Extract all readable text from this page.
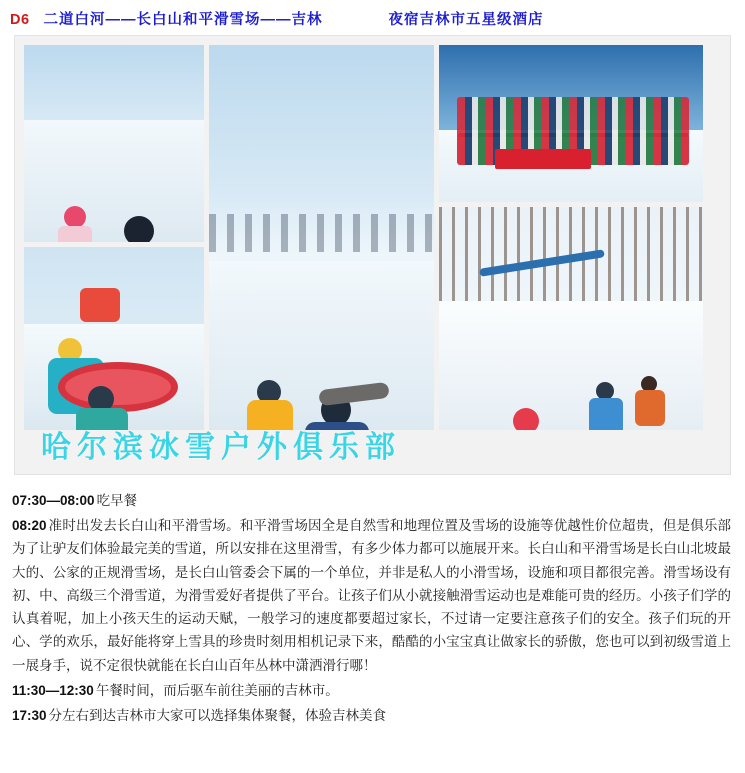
D6 二道白河——长白山和平滑雪场——吉林	夜宿吉林市五星级酒店
哈尔滨冰雪户外俱乐部
07:30—08:00 吃早餐
08:20 准时出发去长白山和平滑雪场。和平滑雪场因全是自然雪和地理位置及雪场的设施等优越性价位超贵，但是俱乐部为了让驴友们体验最完美的雪道，所以安排在这里滑雪，有多少体力都可以施展开来。长白山和平滑雪场是长白山北坡最大的、公家的正规滑雪场，是长白山管委会下属的一个单位，并非是私人的小滑雪场，设施和项目都很完善。滑雪场设有初、中、高级三个滑雪道，为滑雪爱好者提供了平台。让孩子们从小就接触滑雪运动也是难能可贵的经历。小孩子们学的认真着呢，加上小孩天生的运动天赋，一般学习的速度都要超过家长，不过请一定要注意孩子们的安全。孩子们玩的开心、学的欢乐，最好能将穿上雪具的珍贵时刻用相机记录下来，酷酷的小宝宝真让做家长的骄傲，您也可以到初级雪道上一展身手，说不定很快就能在长白山百年丛林中潇洒滑行哪！
11:30—12:30 午餐时间，而后驱车前往美丽的吉林市。
17:30 分左右到达吉林市大家可以选择集体聚餐，体验吉林美食
